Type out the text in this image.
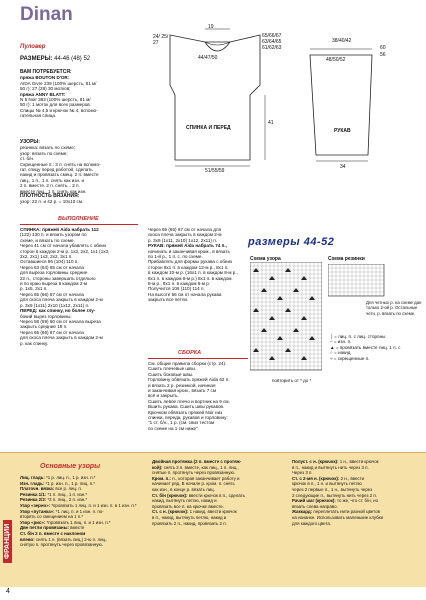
Dinan
Пуловер
РАЗМЕРЫ: 44-46 (48) 52
ВАМ ПОТРЕБУЕТСЯ:
пряжа BOUTON D'OR:
AIDA Givre 239 (100% шерсть, 81 м/
50 г): 27 (28) 30 мотков;
пряжа ANNY BLATT:
N 5 Noir 383 (100% шерсть, 81 м/
50 г): 1 моток для всех размеров.
Спицы № 4,5 и крючок № 4; вспомо-
гательная спица.
УЗОРЫ:
резинка: вязать по схеме;
узор: вязать по схеме;
ст. б/н.
Скрещенные п.: 3 п. снять на вспомо-
гат. спицу перед работой, сделать
накид и провязать смещ. 2 п. вместе
лиц., 1 п., 1 п. снять как изн. и
2 п. вместе. 2 п. снять... 2 п.
вместе лиц., 1 п. снять как изн.
ПЛОТНОСТЬ ВЯЗАНИЯ:
узор: 22 п. и 42 р. = 10х10 см.
ВЫПОЛНЕНИЕ
СПИНКА: пряжей Aida набрать 112
(122) 130 п. и вязать узором по
схеме, и вязать по схеме.
Через 41 см от начала убавлять с обеих
сторон в каждом 2-м р. 1х3, 2х2, 1х1 (1х3,
2х2, 2х1) 1х3, 2х2, 3х1 п.
Оставшиеся 96 (104) 110 п.
Через 63 (64) 65 см от начала
для выреза горловины средние
22 п., стороны завершать отдельно
и по краю выреза в каждом 2-м
р. 1х5, 2х1 п.
Через 65 (66) 67 см от начала
для скоса плеча закрыть в каждом 2-м
р. 3х9 (1х11) 2х10 (1х12, 2х11) п.
ПЕРЕД: как спинку, но более глу-
бокий вырез горловины.
Через 58 (59) 60 см от начала выреза
закрыть средние 18 п.
Через 65 (66) 67 см от начала
для скоса плеча закрыть в каждом 2-м
р. как спинку.
Через 65 (66) 67 см от начала для
скоса плеча закрыть в каждом 2-м
р. 3х9 (1х11, 2х10) 1х12, 2х11) п.
РУКАВ: пряжей Aida набрать 74 п.,
начинать и заканчивая кром., в вязать
по 1-й р., 1 п. с. по схеме.
Прибавлять для формы рукава с обеих
сторон 8х1 п. в каждом 12-м р., 8х1 п.
в каждом 10-м р. (16х1 п. в каждом 8-м р.,
8х1 п. в каждом 8-м р.) 8х1 п. в каждом
8-м р., 8х1 п. в каждом 6-м р.
Получится 106 (110) 114 п.
На высоте 56 см от начала рукава
закрыть все петли.
СБОРКА
См. общие правила сборки (стр. 24).
Сшить плечевые швы.
Сшить боковые швы.
Горловину обвязать пряжей Aida 62 п.
и вязать 2 р. резинкой, начиная
и заканчивая кром., вязать 7 см
всё и закрыть.
Сшить левое плечо и вортник на 9 см.
Вшить рукава. Сшить швы рукавов.
Крючком обвязать пряжей Noir низ
спинки, переда, рукавов и горловину:
"1 ст. б/н., 1 р. (см. свих тестом
по схеме на 1 см ниже".
19
24/ 25/ 27
65/66/67 63/64/65 61/62/63
44/47/50
41
СПИНКА И ПЕРЕД
51/55/59
38/40/42
60 56
48/50/52
РУКАВ
34
размеры 44-52
Схема узора
повторить от * до *
Схема резинки
Для четных р. на схеме дан только 2-ой р. Остальные четн. р. вязать по схеме.
│ = лиц. п. с лиц. стороны
– = изн. п.
▲ = провязать вместе лиц. 1 п. с
○ = накид
≈ = скрещенные п.
ФРАНЦИИ
Основные узоры
Лиц. гладь: *1 р. лиц. п., 1 р. изн. п.*
Изн. гладь: *1 р. изн. п., 1 р. лиц. п.*
Платочн. вязка: все р. лиц. п.
Резинка 1/1: *1 п. лиц., 1 п. изн.*
Резинка 2/2: *2 п. лиц., 2 п. изн.*
Узор «зерно»: *провязать 1 лиц. п. и 1 изн. п. в 1 изн. п.*
Узор «путанка»: *1 лиц. п. и 1 изн. п. по-
вторять со смещением на 1 п.*
Узор «рис»: *провязать 1 лиц. п. и 1 изн. п.*
Две петли провязаны: вместе
Ст. б/н 2 п. вместе с наклоном
влево: снять 1 п. (вязать лиц.) 2-ю п. лиц.,
снятую п. протянуть через провязанную.
Двойная протяжка (2 п. вместе с протяж-
кой): снять 2 п. вместе, как лиц., 1 п. лиц.,
снятые п. протянуть через провязанную.
Кром. п.: п., которая заканчивает работу и
начинает ряд. В начале р. кром. п. снять
как изн., в конце р. вязать лиц.
Ст. б/н (крючок): ввести крючок в п., сделать
накид, вытянуть петлю, накид и
провязать все п. на крючке вместе.
Ст. с н. (крючок): 1 накид, ввести крючок
в п., накид, вытянуть петлю, накид и
провязать 2 п., накид, провязать 2 п.
Полуст. с н. (крючок): 1 н., ввести крючок
в п., накид и вытянуть нить через 3 п.
Через 3 п.
Ст. с 2-мя н. (крючок): 2 н., ввести
крючок в п., 1 н. и вытянуть петлю
через 2 первые п., 1 н., вытянуть через
2 следующие п., вытянуть нить через 2 п.
Рачий шаг (крючок): то же, что ст. б/н, но
вязать слева направо.
Жаккард: переплетать нити разной цветов
на изнанке. Использовать маленькие клубки
для каждого цвета.
4
